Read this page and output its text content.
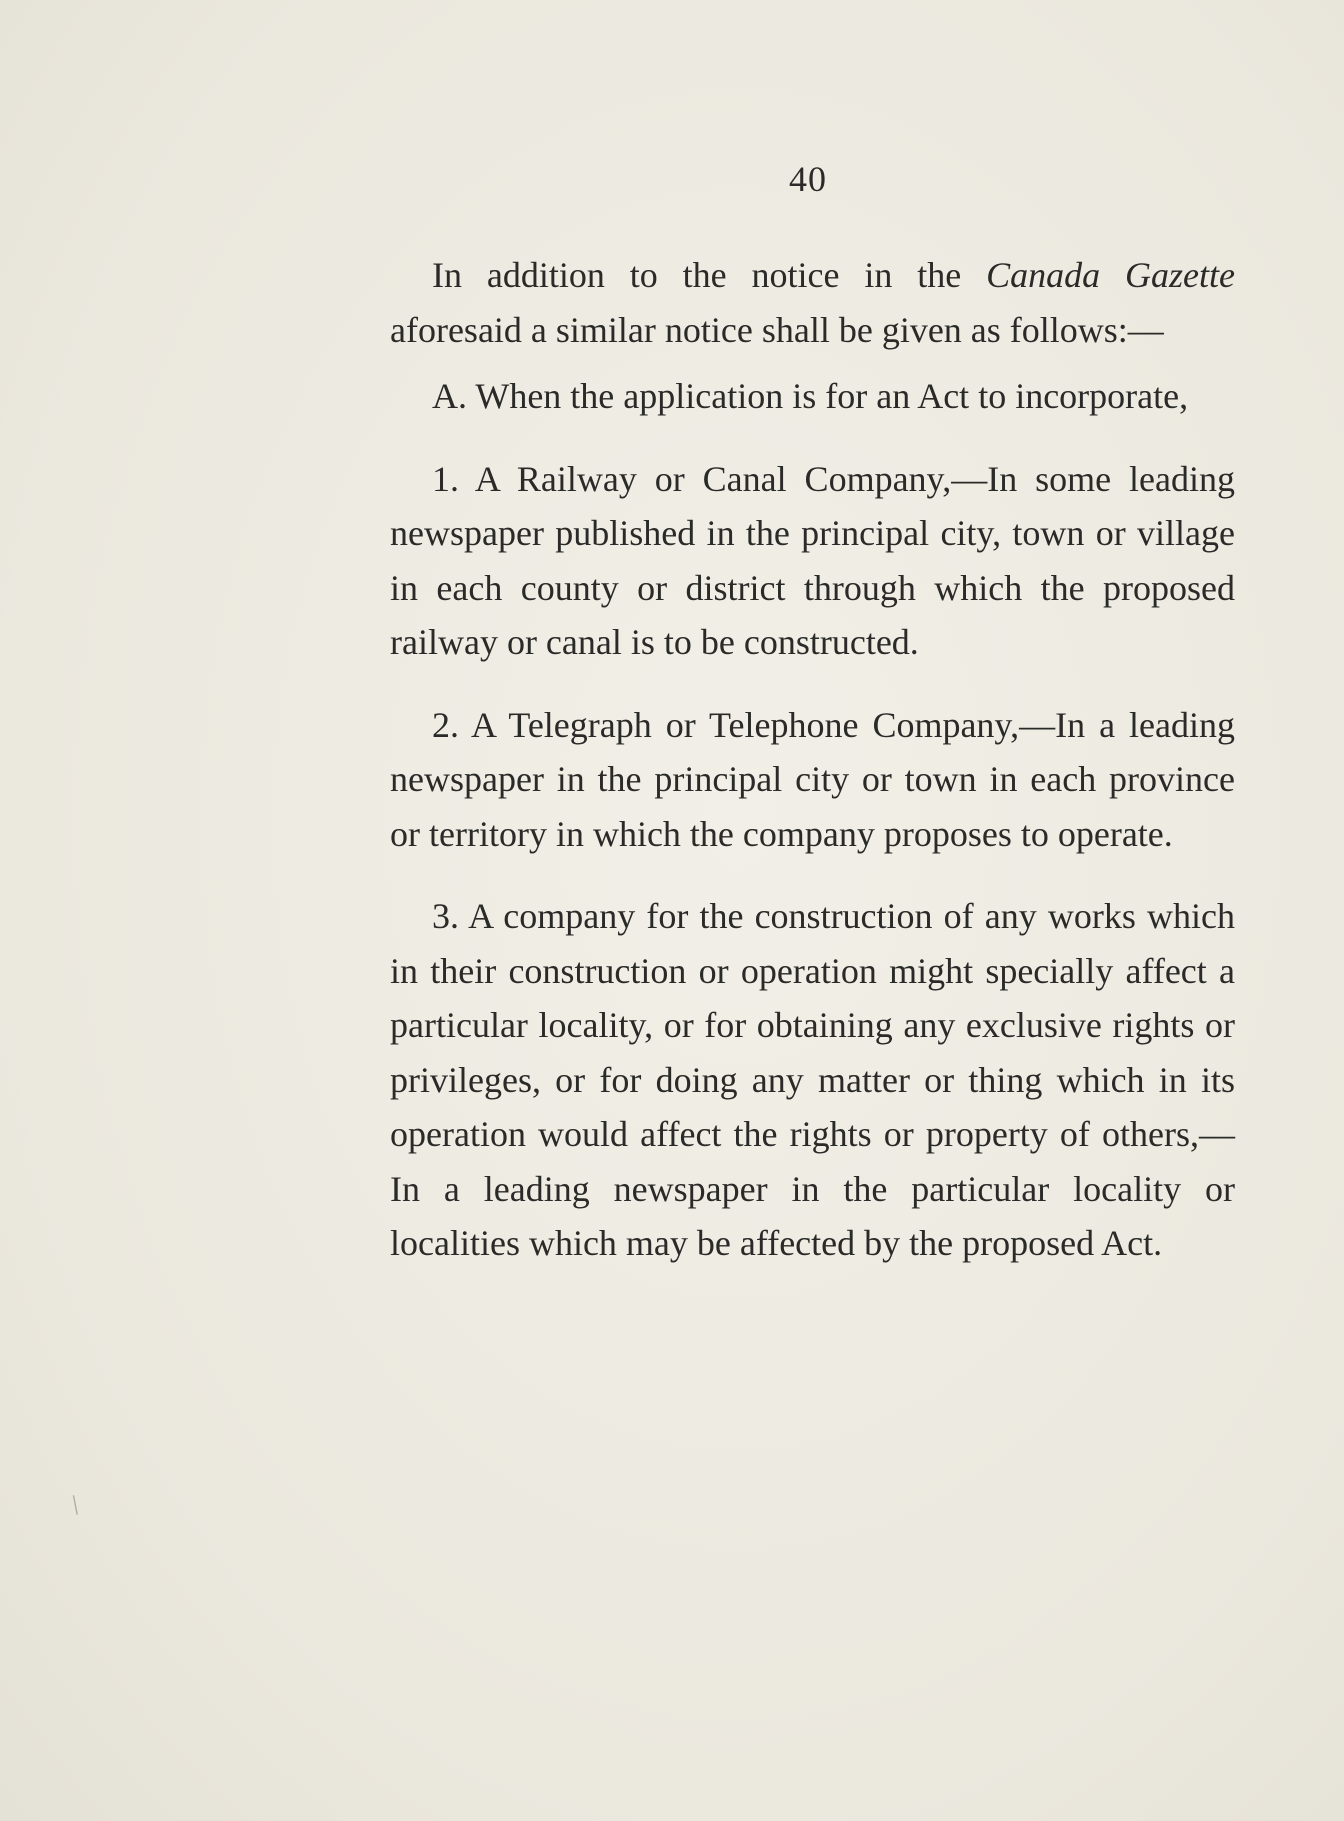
40

In addition to the notice in the Canada Gazette aforesaid a similar notice shall be given as follows:—

A. When the application is for an Act to incorporate,

1. A Railway or Canal Company,—In some leading newspaper published in the principal city, town or village in each county or district through which the proposed railway or canal is to be constructed.

2. A Telegraph or Telephone Company,—In a leading newspaper in the principal city or town in each province or territory in which the company proposes to operate.

3. A company for the construction of any works which in their construction or operation might specially affect a particular locality, or for obtaining any exclusive rights or privileges, or for doing any matter or thing which in its operation would affect the rights or property of others,—In a leading newspaper in the particular locality or localities which may be affected by the proposed Act.

/
